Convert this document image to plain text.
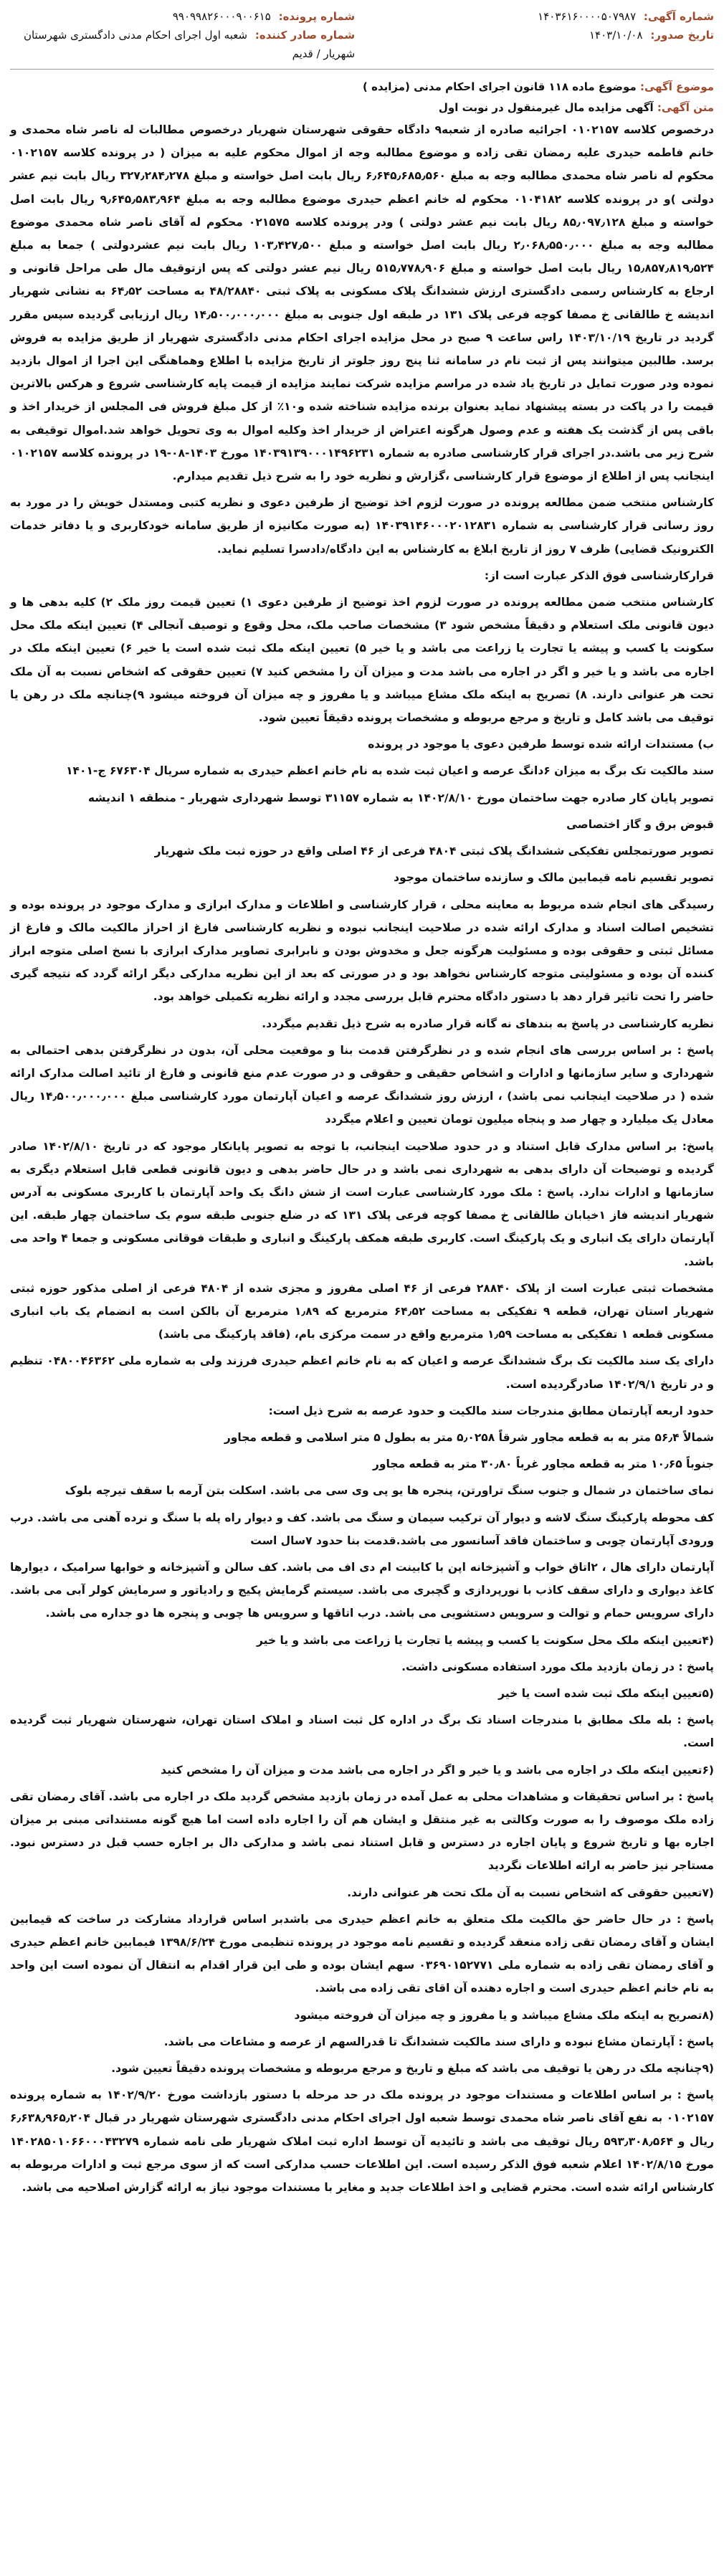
شماره آگهی: ۱۴۰۳۶۱۶۰۰۰۰۵۰۷۹۸۷
تاریخ صدور: ۱۴۰۳/۱۰/۰۸
شماره پرونده: ۹۹۰۹۹۸۲۶۰۰۰۹۰۰۶۱۵
شماره صادر کننده: شعبه اول اجرای احکام مدنی دادگستری شهرستان شهریار / قدیم
موضوع آگهی: موضوع ماده ۱۱۸ قانون اجرای احکام مدنی (مزایده )
متن آگهی: آگهی مزایده مال غیرمنقول در نوبت اول

درخصوص کلاسه ۰۱۰۲۱۵۷ اجرائیه صادره از شعبه۹ دادگاه حقوقی شهرستان شهریار درخصوص مطالبات له ناصر شاه محمدی و خانم فاطمه حیدری علیه رمضان تقی زاده و موضوع مطالبه وجه از اموال محکوم علیه به میزان ( در پرونده کلاسه ۰۱۰۲۱۵۷ محکوم له ناصر شاه محمدی مطالبه وجه به مبلغ ۶٫۶۴۵٫۶۸۵٫۵۶۰ ریال بابت اصل خواسته و مبلغ ۳۲۷٫۲۸۴٫۲۷۸ ریال بابت نیم عشر دولتی )و در پرونده کلاسه ۰۱۰۴۱۸۲ محکوم له خانم اعظم حیدری موضوع مطالبه وجه به مبلغ ۹٫۶۴۵٫۵۸۳٫۹۶۴ ریال بابت اصل خواسته و مبلغ ۸۵٫۰۹۷٫۱۲۸ ریال بابت نیم عشر دولتی ) ودر پرونده کلاسه ۰۲۱۵۷۵ محکوم له آقای ناصر شاه محمدی موضوع مطالبه وجه به مبلغ ۲٫۰۶۸٫۵۵۰٫۰۰۰ ریال بابت اصل خواسته و مبلغ ۱۰۳٫۴۲۷٫۵۰۰ ریال بابت نیم عشردولتی ) جمعا به مبلغ ۱۵٫۸۵۷٫۸۱۹٫۵۲۴ ریال بابت اصل خواسته و مبلغ ۵۱۵٫۷۷۸٫۹۰۶ ریال نیم عشر دولتی که پس ازتوقیف مال طی مراحل قانونی و ارجاع به کارشناس رسمی دادگستری ارزش ششدانگ پلاک مسکونی به پلاک ثبتی ۴۸/۲۸۸۴۰ به مساحت ۶۴٫۵۲ به نشانی شهریار اندیشه خ طالقانی خ مصفا کوچه فرعی پلاک ۱۳۱ در طبقه اول جنوبی به مبلغ ۱۴٫۵۰۰٫۰۰۰٫۰۰۰ ریال ارزیابی گردیده سپس مقرر گردید در تاریخ ۱۴۰۳/۱۰/۱۹ راس ساعت ۹ صبح در محل مزایده اجرای احکام مدنی دادگستری شهریار از طریق مزایده به فروش برسد. طالبین میتوانند پس از ثبت نام در سامانه ثنا پنج روز جلوتر از تاریخ مزایده با اطلاع وهماهنگی این اجرا از اموال بازدید نموده ودر صورت تمایل در تاریخ یاد شده در مراسم مزایده شرکت نمایند مزایده از قیمت پایه کارشناسی شروع و هرکس بالاترین قیمت را در پاکت در بسته پیشنهاد نماید بعنوان برنده مزایده شناخته شده و۱۰٪ از کل مبلغ فروش فی المجلس از خریدار اخذ و باقی پس از گذشت یک هفته و عدم وصول هرگونه اعتراض از خریدار اخذ وکلیه اموال به وی تحویل خواهد شد.اموال توقیفی به شرح زیر می باشد.در اجرای قرار کارشناسی صادره به شماره ۱۴۰۳۹۱۳۹۰۰۰۱۴۹۶۲۳۱ مورخ ۱۴۰۳-۰۸-۱۹ در پرونده کلاسه ۰۱۰۲۱۵۷ اینجانب پس از اطلاع از موضوع قرار کارشناسی ،گزارش و نظریه خود را به شرح ذیل تقدیم میدارم.

کارشناس منتخب ضمن مطالعه پرونده در صورت لزوم اخذ توضیح از طرفین دعوی و نظریه کتبی ومستدل خویش را در مورد به روز رسانی قرار کارشناسی به شماره ۱۴۰۳۹۱۴۶۰۰۰۲۰۱۲۸۳۱ (به صورت مکانیزه از طریق سامانه خودکاربری و یا دفاتر خدمات الکترونیک قضایی) ظرف ۷ روز از تاریخ ابلاغ به کارشناس به این دادگاه/دادسرا تسلیم نماید.

قرارکارشناسی فوق الذکر عبارت است از:

کارشناس منتخب ضمن مطالعه پرونده در صورت لزوم اخذ توضیح از طرفین دعوی ۱) تعیین قیمت روز ملک ۲) کلیه بدهی ها و دیون قانونی ملک استعلام و دقیقاً مشخص شود ۳) مشخصات صاحب ملک، محل وقوع و توصیف آنجالی ۴) تعیین اینکه ملک محل سکونت یا کسب و پیشه یا تجارت یا زراعت می باشد و یا خیر ۵) تعیین اینکه ملک ثبت شده است یا خیر ۶) تعیین اینکه ملک در اجاره می باشد و یا خیر و اگر در اجاره می باشد مدت و میزان آن را مشخص کنید ۷) تعیین حقوقی که اشخاص نسبت به آن ملک تحت هر عنوانی دارند. ۸) تصریح به اینکه ملک مشاع میباشد و یا مفروز و چه میزان آن فروخته میشود ۹)چنانچه ملک در رهن یا توقیف می باشد کامل و تاریخ و مرجع مربوطه و مشخصات پرونده دقیقاً تعیین شود.

ب) مستندات ارائه شده توسط طرفین دعوی یا موجود در پرونده

سند مالکیت تک برگ به میزان ۶دانگ عرصه و اعیان ثبت شده به نام خانم اعظم حیدری به شماره سریال ۶۷۶۳۰۴ ج-۱۴۰۱

تصویر پایان کار صادره جهت ساختمان مورخ ۱۴۰۲/۸/۱۰ به شماره ۳۱۱۵۷ توسط شهرداری شهریار - منطقه ۱ اندیشه

قبوض برق و گاز اختصاصی

تصویر صورتمجلس تفکیکی ششدانگ پلاک ثبتی ۴۸۰۴ فرعی از ۴۶ اصلی واقع در حوزه ثبت ملک شهریار

تصویر تقسیم نامه قیمابین مالک و سازنده ساختمان موجود

رسیدگی های انجام شده مربوط به معاینه محلی ، قرار کارشناسی و اطلاعات و مدارک ابرازی و مدارک موجود در پرونده بوده و تشخیص اصالت اسناد و مدارک ارائه شده در صلاحیت اینجانب نبوده و نظریه کارشناسی فارغ از احراز مالکیت مالک و فارغ از مسائل ثبتی و حقوقی بوده و مسئولیت هرگونه جعل و مخدوش بودن و نابرابری تصاویر مدارک ابرازی با نسخ اصلی متوجه ابراز کننده آن بوده و مسئولیتی متوجه کارشناس نخواهد بود و در صورتی که بعد از این نظریه مدارکی دیگر ارائه گردد که نتیجه گیری حاضر را تحت تاثیر قرار دهد با دستور دادگاه محترم قابل بررسی مجدد و ارائه نظریه تکمیلی خواهد بود.

نظریه کارشناسی در پاسخ به بندهای نه گانه قرار صادره به شرح ذیل تقدیم میگردد.

پاسخ : بر اساس بررسی های انجام شده و در نظرگرفتن قدمت بنا و موقعیت محلی آن، بدون در نظرگرفتن بدهی احتمالی به شهرداری و سایر سازمانها و ادارات و اشخاص حقیقی و حقوقی و در صورت عدم منع قانونی و فارغ از تائید اصالت مدارک ارائه شده ( در صلاحیت اینجانب نمی باشد) ، ارزش روز ششدانگ عرصه و اعیان آپارتمان مورد کارشناسی مبلغ ۱۴٫۵۰۰٫۰۰۰٫۰۰۰ ریال معادل یک میلیارد و چهار صد و پنجاه میلیون تومان تعیین و اعلام میگردد

پاسخ: بر اساس مدارک قابل استناد و در حدود صلاحیت اینجانب، با توجه به تصویر پایانکار موجود که در تاریخ ۱۴۰۲/۸/۱۰ صادر گردیده و توضیحات آن دارای بدهی به شهرداری نمی باشد و در حال حاضر بدهی و دیون قانونی قطعی قابل استعلام دیگری به سازمانها و ادارات ندارد. پاسخ : ملک مورد کارشناسی عبارت است از شش دانگ یک واحد آپارتمان با کاربری مسکونی به آدرس شهریار اندیشه فاز ۱خیابان طالقانی خ مصفا کوچه فرعی پلاک ۱۳۱ که در ضلع جنوبی طبقه سوم یک ساختمان چهار طبقه. این آپارتمان دارای یک انباری و یک پارکینگ است. کاربری طبقه همکف پارکینگ و انباری و طبقات فوقانی مسکونی و جمعا ۴ واحد می باشد.

مشخصات ثبتی عبارت است از پلاک ۲۸۸۴۰ فرعی از ۴۶ اصلی مفروز و مجزی شده از ۴۸۰۴ فرعی از اصلی مذکور حوزه ثبتی شهریار استان تهران، قطعه ۹ تفکیکی به مساحت ۶۴٫۵۲ مترمربع که ۱٫۸۹ مترمربع آن بالکن است به انضمام یک باب انباری مسکونی قطعه ۱ تفکیکی به مساحت ۱٫۵۹ مترمربع واقع در سمت مرکزی بام، (فاقد پارکینگ می باشد)

دارای یک سند مالکیت تک برگ ششدانگ عرصه و اعیان که به نام خانم اعظم حیدری فرزند ولی به شماره ملی ۰۴۸۰۰۴۶۳۶۲ تنظیم و در تاریخ ۱۴۰۲/۹/۱ صادرگردیده است.

حدود اربعه آپارتمان مطابق مندرجات سند مالکیت و حدود عرصه به شرح ذیل است:

شمالاً ۵۶٫۴ متر به به قطعه مجاور شرقاً ۵٫۰۲۵۸ متر به بطول ۵ متر اسلامی و قطعه مجاور

جنوباً ۱۰٫۶۵ متر به قطعه مجاور غرباً ۳۰٫۸۰ متر به قطعه مجاور

نمای ساختمان در شمال و جنوب سنگ تراورتن، پنجره ها یو پی وی سی می باشد. اسکلت بتن آرمه با سقف تیرچه بلوک

کف محوطه پارکینگ سنگ لاشه و دیوار آن ترکیب سیمان و سنگ می باشد. کف و دیوار راه پله با سنگ و نرده آهنی می باشد. درب ورودی آپارتمان چوبی و ساختمان فاقد آسانسور می باشد.قدمت بنا حدود ۷سال است

آپارتمان دارای هال ، ۲اتاق خواب و آشپزخانه اپن با کابینت ام دی اف می باشد. کف سالن و آشپزخانه و خوابها سرامیک ، دیوارها کاغذ دیواری و دارای سقف کاذب با نورپردازی و گچبری می باشد. سیستم گرمایش پکیج و رادیاتور و سرمایش کولر آبی می باشد. دارای سرویس حمام و توالت و سرویس دستشویی می باشد. درب اتاقها و سرویس ها چوبی و پنجره ها دو جداره می باشد.

(۴تعیین اینکه ملک محل سکونت یا کسب و پیشه یا تجارت یا زراعت می باشد و یا خیر

پاسخ : در زمان بازدید ملک مورد استفاده مسکونی داشت.

(۵تعیین اینکه ملک ثبت شده است یا خیر

پاسخ : بله ملک مطابق با مندرجات اسناد تک برگ در اداره کل ثبت اسناد و املاک استان تهران، شهرستان شهریار ثبت گردیده است.

(۶تعیین اینکه ملک در اجاره می باشد و یا خیر و اگر در اجاره می باشد مدت و میزان آن را مشخص کنید

پاسخ : بر اساس تحقیقات و مشاهدات محلی به عمل آمده در زمان بازدید مشخص گردید ملک در اجاره می باشد. آقای رمضان تقی زاده ملک موصوف را به صورت وکالتی به غیر منتقل و ایشان هم آن را اجاره داده است اما هیچ گونه مستنداتی مبنی بر میزان اجاره بها و تاریخ شروع و پایان اجاره در دسترس و قابل استناد نمی باشد و مدارکی دال بر اجاره حسب قبل در دسترس نبود. مستاجر نیز حاضر به ارائه اطلاعات نگردید

(۷تعیین حقوقی که اشخاص نسبت به آن ملک تحت هر عنوانی دارند.

پاسخ : در حال حاضر حق مالکیت ملک متعلق به خانم اعظم حیدری می باشدبر اساس قرارداد مشارکت در ساخت که قیمابین ایشان و آقای رمضان تقی زاده منعقد گردیده و تقسیم نامه موجود در پرونده تنظیمی مورخ ۱۳۹۸/۶/۲۴ فیمابین خانم اعظم حیدری و آقای رمضان تقی زاده به شماره ملی ۰۳۶۹۰۱۵۲۷۷۱ سهم ایشان بوده و طی این قرار اقدام به انتقال آن نموده است این واحد به نام خانم اعظم حیدری است و اجاره دهنده آن اقای تقی زاده می باشد.

(۸تصریح به اینکه ملک مشاع میباشد و یا مفروز و چه میزان آن فروخته میشود

پاسخ : آپارتمان مشاع نبوده و دارای سند مالکیت ششدانگ تا قدرالسهم از عرصه و مشاعات می باشد.

(۹چنانچه ملک در رهن یا توقیف می باشد که مبلغ و تاریخ و مرجع مربوطه و مشخصات پرونده دقیقاً تعیین شود.

پاسخ : بر اساس اطلاعات و مستندات موجود در پرونده ملک در حد مرحله با دستور بازداشت مورخ ۱۴۰۲/۹/۲۰ به شماره پرونده ۰۱۰۲۱۵۷ به نفع آقای ناصر شاه محمدی توسط شعبه اول اجرای احکام مدنی دادگستری شهرستان شهریار در قبال ۶٫۶۳۸٫۹۶۵٫۲۰۴ ریال و ۵۹۳٫۳۰۸٫۵۶۴ ریال توقیف می باشد و تائیدیه آن توسط اداره ثبت املاک شهریار طی نامه شماره ۱۴۰۲۸۵۰۱۰۶۶۰۰۰۴۳۲۷۹ مورخ ۱۴۰۲/۸/۱۵ اعلام شعبه فوق الذکر رسیده است. این اطلاعات حسب مدارکی است که از سوی مرجع ثبت و ادارات مربوطه به کارشناس ارائه شده است. محترم قضایی و اخذ اطلاعات جدید و مغایر با مستندات موجود نیاز به ارائه گزارش اصلاحیه می باشد.
